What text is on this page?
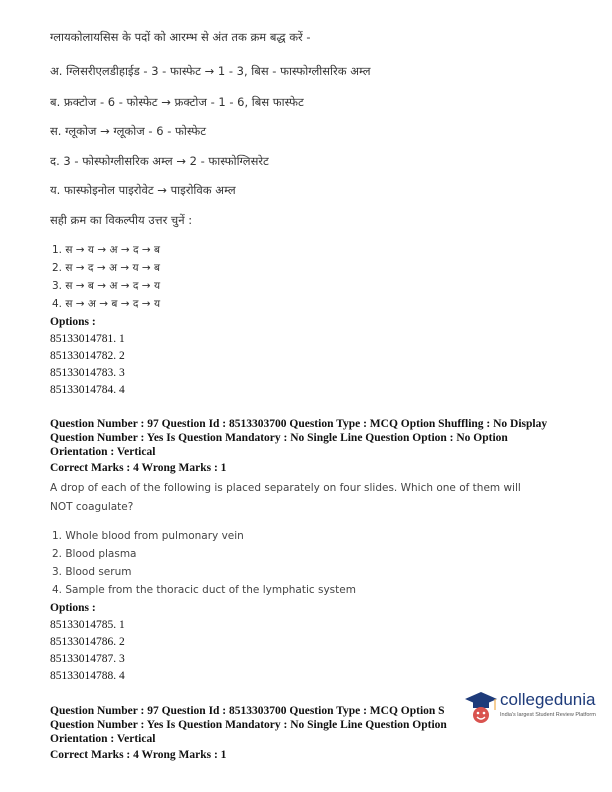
ग्लायकोलायसिस के पदों को आरम्भ से अंत तक क्रम बद्ध करें -
अ. ग्लिसरीएलडीहाईड - 3 - फास्फेट → 1 - 3, बिस - फास्फोग्लीसरिक अम्ल
ब. फ्रक्टोज - 6 - फोस्फेट → फ्रक्टोज - 1 - 6, बिस फास्फेट
स. ग्लूकोज → ग्लूकोज - 6 - फोस्फेट
द. 3 - फोस्फोग्लीसरिक अम्ल → 2 - फास्फोग्लिसरेट
य. फास्फोइनोल पाइरोवेट → पाइरोविक अम्ल
सही क्रम का विकल्पीय उत्तर चुनें :
1. स → य → अ → द → ब
2. स → द → अ → य → ब
3. स → ब → अ → द → य
4. स → अ → ब → द → य
Options :
85133014781. 1
85133014782. 2
85133014783. 3
85133014784. 4
Question Number : 97 Question Id : 8513303700 Question Type : MCQ Option Shuffling : No Display
Question Number : Yes Is Question Mandatory : No Single Line Question Option : No Option
Orientation : Vertical
Correct Marks : 4 Wrong Marks : 1
A drop of each of the following is placed separately on four slides. Which one of them will
NOT coagulate?
1. Whole blood from pulmonary vein
2. Blood plasma
3. Blood serum
4. Sample from the thoracic duct of the lymphatic system
Options :
85133014785. 1
85133014786. 2
85133014787. 3
85133014788. 4
Question Number : 97 Question Id : 8513303700 Question Type : MCQ Option S
Question Number : Yes Is Question Mandatory : No Single Line Question Option
Orientation : Vertical
Correct Marks : 4 Wrong Marks : 1
collegedunia
India's largest Student Review Platform
